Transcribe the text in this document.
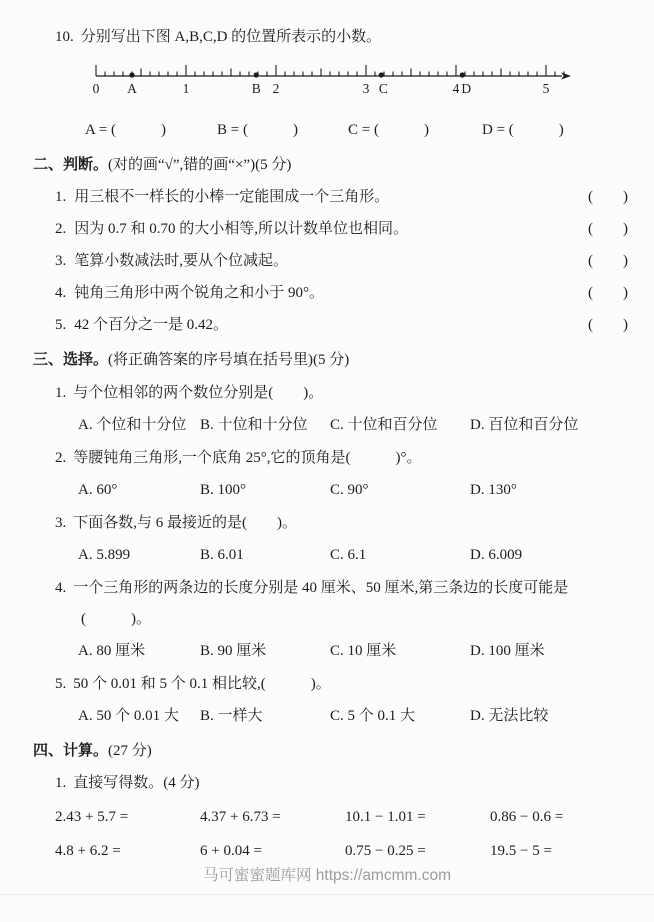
10. 分别写出下图 A,B,C,D 的位置所表示的小数。
0	1	2	3	4	5
A	B	C	D
A = (　　　)	B = (　　　)	C = (　　　)	D = (　　　)
二、判断。(对的画“√”,错的画“×”)(5 分)
1. 用三根不一样长的小棒一定能围成一个三角形。	(　　)
2. 因为 0.7 和 0.70 的大小相等,所以计数单位也相同。	(　　)
3. 笔算小数减法时,要从个位减起。	(　　)
4. 钝角三角形中两个锐角之和小于 90°。	(　　)
5. 42 个百分之一是 0.42。	(　　)
三、选择。(将正确答案的序号填在括号里)(5 分)
1. 与个位相邻的两个数位分别是(　　)。
A. 个位和十分位 B. 十位和十分位	C. 十位和百分位	D. 百位和百分位
2. 等腰钝角三角形,一个底角 25°,它的顶角是(　　　)°。
A. 60°	B. 100°	C. 90°	D. 130°
3. 下面各数,与 6 最接近的是(　　)。
A. 5.899	B. 6.01	C. 6.1	D. 6.009
4. 一个三角形的两条边的长度分别是 40 厘米、50 厘米,第三条边的长度可能是
(　　　)。
A. 80 厘米	B. 90 厘米	C. 10 厘米	D. 100 厘米
5. 50 个 0.01 和 5 个 0.1 相比较,(　　　)。
A. 50 个 0.01 大	B. 一样大	C. 5 个 0.1 大	D. 无法比较
四、计算。(27 分)
1. 直接写得数。(4 分)
2.43 + 5.7 =	4.37 + 6.73 =	10.1 − 1.01 =	0.86 − 0.6 =
4.8 + 6.2 =	6 + 0.04 =	0.75 − 0.25 =	19.5 − 5 =
马可蜜蜜题库网 https://amcmm.com
